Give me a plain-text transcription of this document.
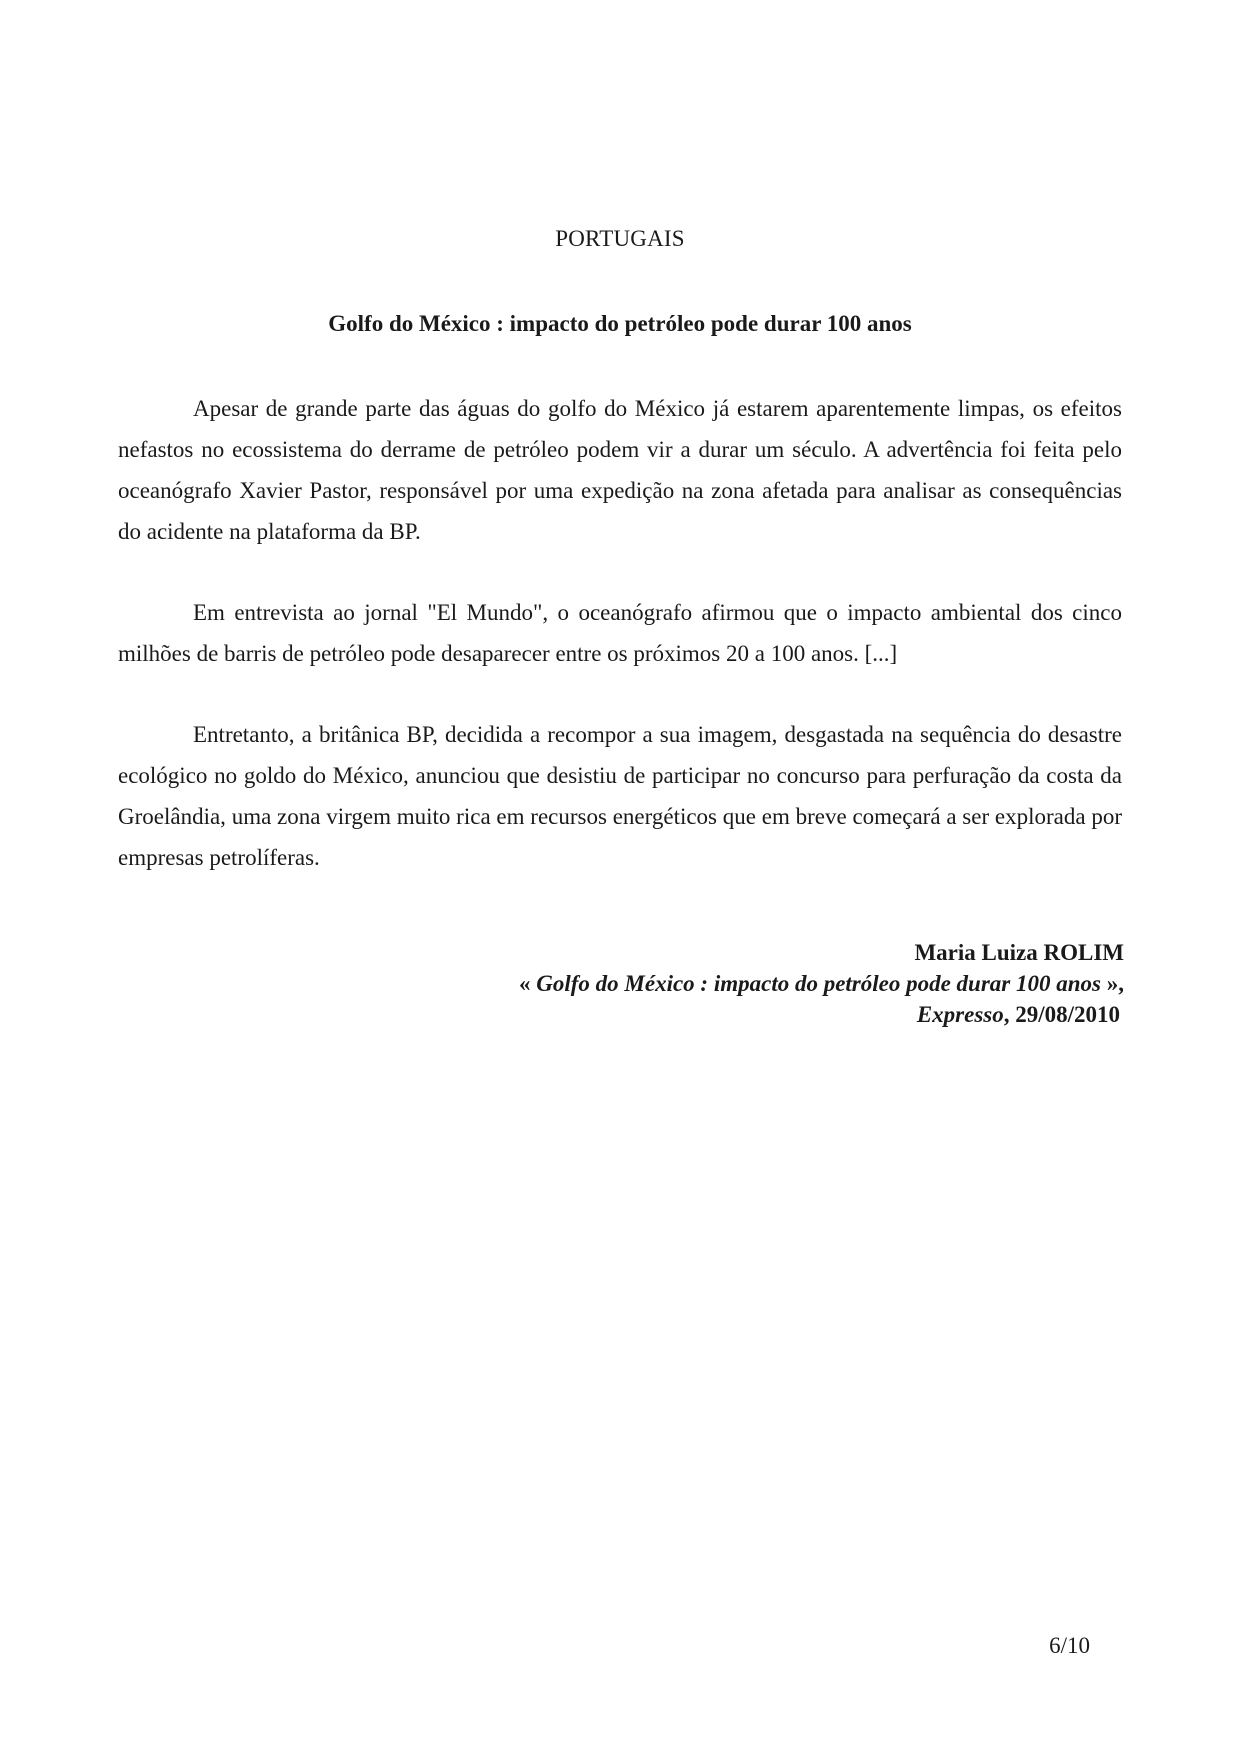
PORTUGAIS
Golfo do México : impacto do petróleo pode durar 100 anos

Apesar de grande parte das águas do golfo do México já estarem aparentemente limpas, os efeitos nefastos no ecossistema do derrame de petróleo podem vir a durar um século. A advertência foi feita pelo oceanógrafo Xavier Pastor, responsável por uma expedição na zona afetada para analisar as consequências do acidente na plataforma da BP.

Em entrevista ao jornal "El Mundo", o oceanógrafo afirmou que o impacto ambiental dos cinco milhões de barris de petróleo pode desaparecer entre os próximos 20 a 100 anos. [...]

Entretanto, a britânica BP, decidida a recompor a sua imagem, desgastada na sequência do desastre ecológico no goldo do México, anunciou que desistiu de participar no concurso para perfuração da costa da Groelândia, uma zona virgem muito rica em recursos energéticos que em breve começará a ser explorada por empresas petrolíferas.

Maria Luiza ROLIM
« Golfo do México : impacto do petróleo pode durar 100 anos »,
Expresso, 29/08/2010
6/10
